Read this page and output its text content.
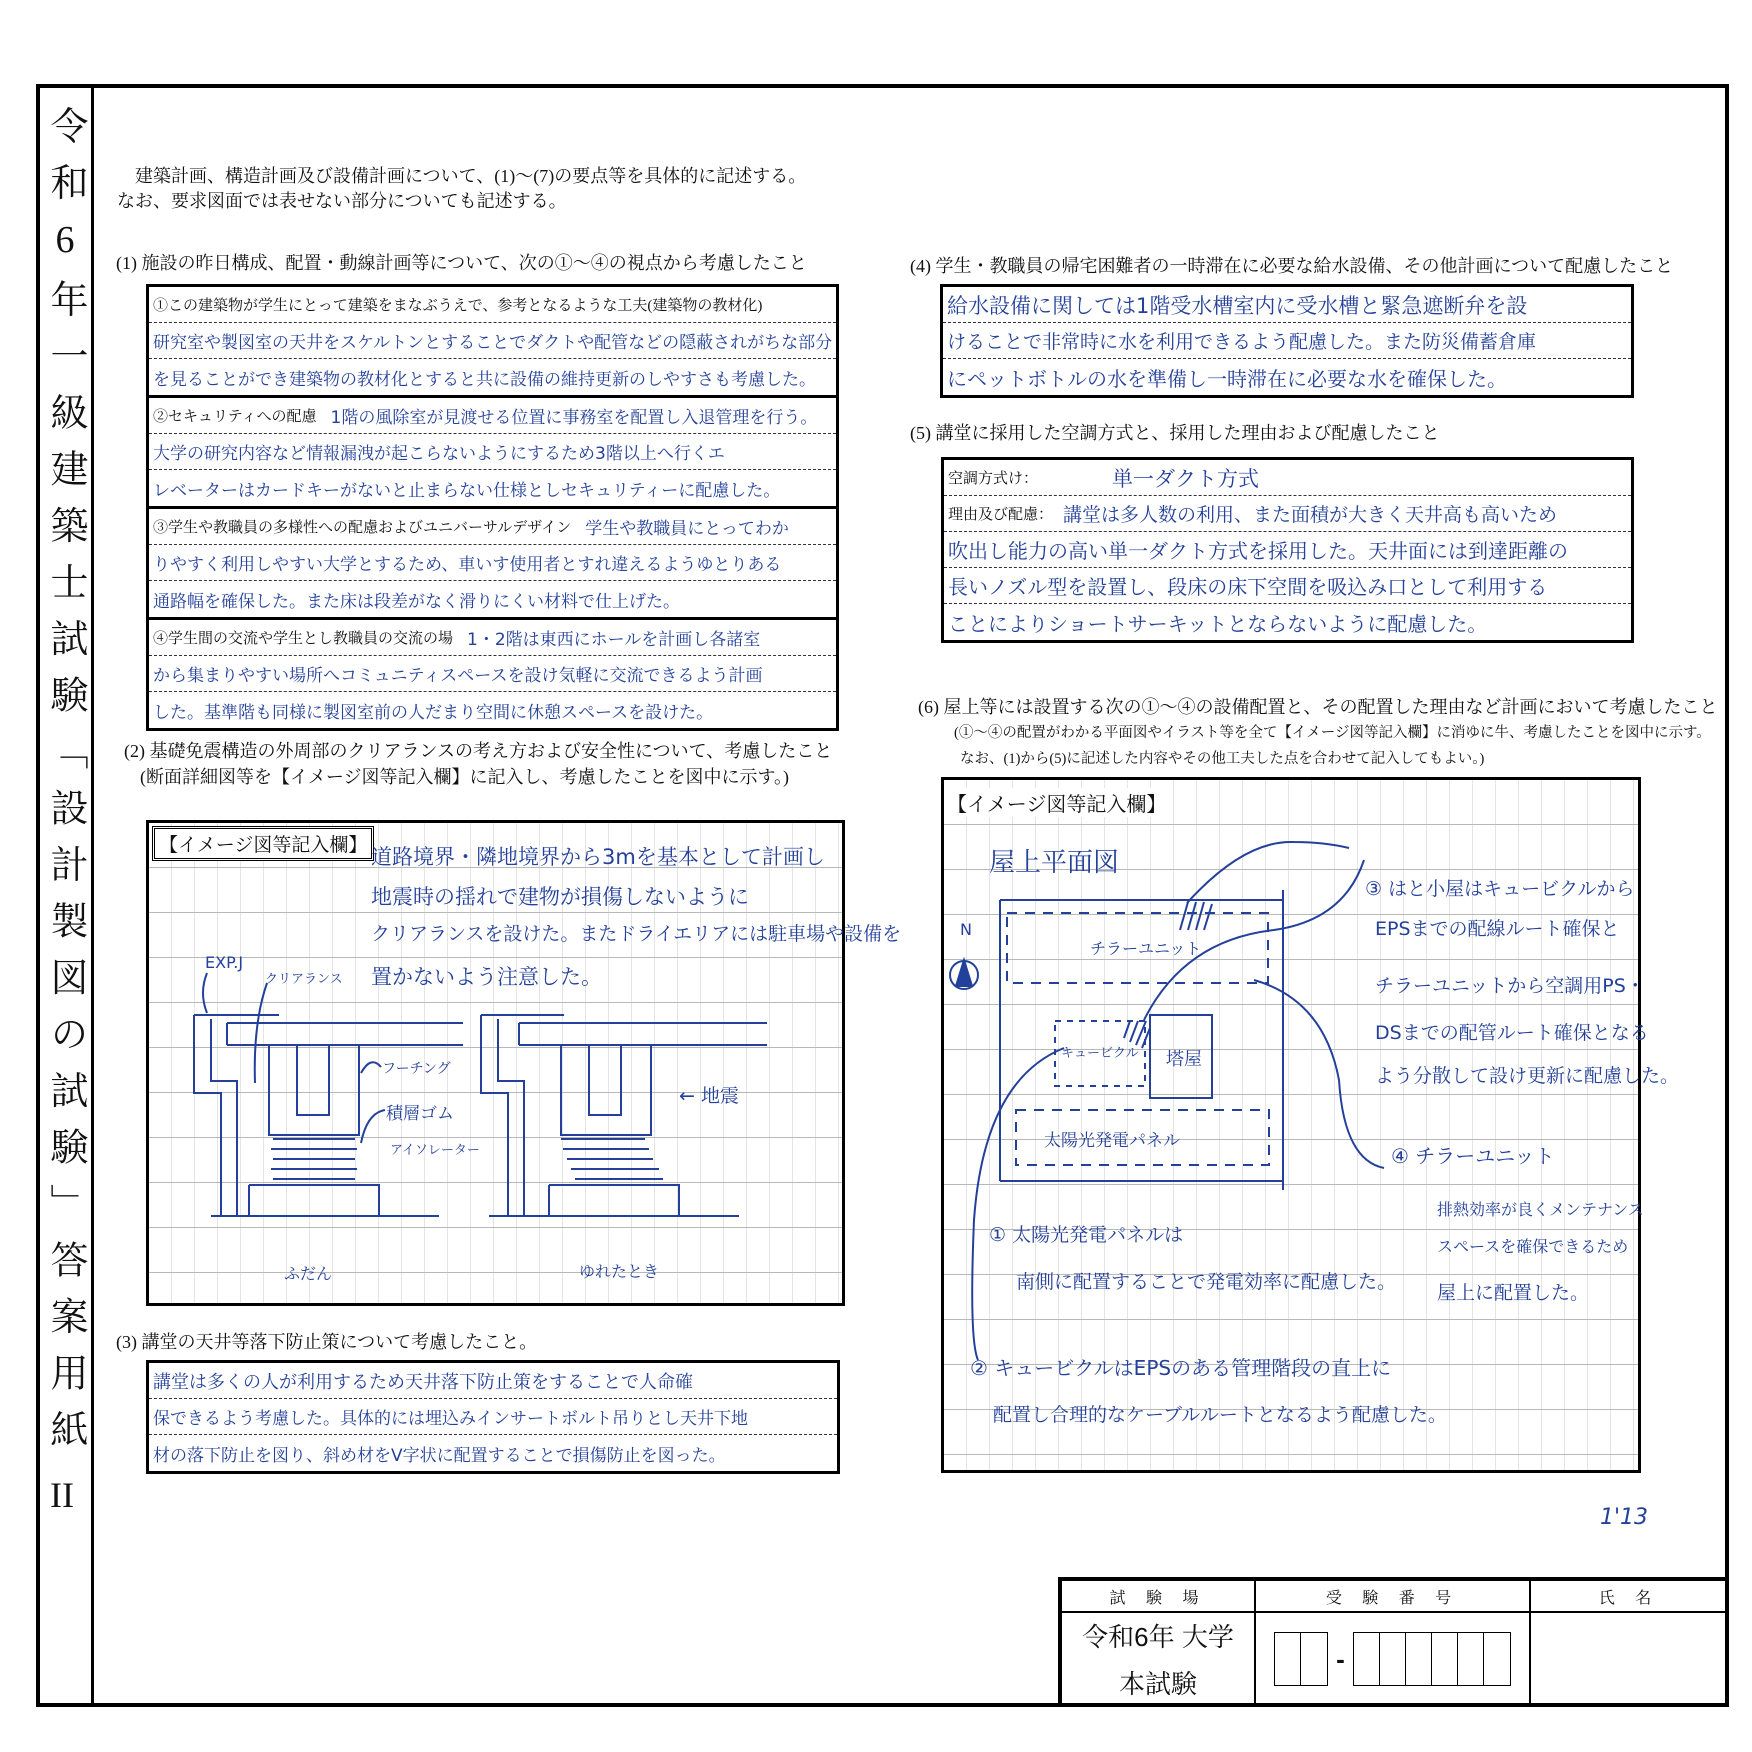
令和6年一級建築士試験「設計製図の試験」答案用紙
II
建築計画、構造計画及び設備計画について、(1)～(7)の要点等を具体的に記述する。
なお、要求図面では表せない部分についても記述する。
(1) 施設の昨日構成、配置・動線計画等について、次の①～④の視点から考慮したこと
①この建築物が学生にとって建築をまなぶうえで、参考となるような工夫(建築物の教材化)
研究室や製図室の天井をスケルトンとすることでダクトや配管などの隠蔽されがちな部分
を見ることができ建築物の教材化とすると共に設備の維持更新のしやすさも考慮した。
②セキュリティへの配慮 1階の風除室が見渡せる位置に事務室を配置し入退管理を行う。
大学の研究内容など情報漏洩が起こらないようにするため3階以上へ行くエ
レベーターはカードキーがないと止まらない仕様としセキュリティーに配慮した。
③学生や教職員の多様性への配慮およびユニバーサルデザイン 学生や教職員にとってわか
りやすく利用しやすい大学とするため、車いす使用者とすれ違えるようゆとりある
通路幅を確保した。また床は段差がなく滑りにくい材料で仕上げた。
④学生間の交流や学生とし教職員の交流の場 1・2階は東西にホールを計画し各諸室
から集まりやすい場所へコミュニティスペースを設け気軽に交流できるよう計画
した。基準階も同様に製図室前の人だまり空間に休憩スペースを設けた。
(2) 基礎免震構造の外周部のクリアランスの考え方および安全性について、考慮したこと
(断面詳細図等を【イメージ図等記入欄】に記入し、考慮したことを図中に示す。)
【イメージ図等記入欄】 道路境界・隣地境界から3mを基本として計画し
地震時の揺れで建物が損傷しないように
クリアランスを設けた。またドライエリアには駐車場や設備を
置かないよう注意した。
EXP.J
クリアランス
フーチング
積層ゴム
アイソレーター
← 地震
ふだん	ゆれたとき
(3) 講堂の天井等落下防止策について考慮したこと。
講堂は多くの人が利用するため天井落下防止策をすることで人命確
保できるよう考慮した。具体的には埋込みインサートボルト吊りとし天井下地
材の落下防止を図り、斜め材をV字状に配置することで損傷防止を図った。
(4) 学生・教職員の帰宅困難者の一時滞在に必要な給水設備、その他計画について配慮したこと
給水設備に関しては1階受水槽室内に受水槽と緊急遮断弁を設
けることで非常時に水を利用できるよう配慮した。また防災備蓄倉庫
にペットボトルの水を準備し一時滞在に必要な水を確保した。
(5) 講堂に採用した空調方式と、採用した理由および配慮したこと
空調方式け：	単一ダクト方式
理由及び配慮： 講堂は多人数の利用、また面積が大きく天井高も高いため
吹出し能力の高い単一ダクト方式を採用した。天井面には到達距離の
長いノズル型を設置し、段床の床下空間を吸込み口として利用する
ことによりショートサーキットとならないように配慮した。
(6) 屋上等には設置する次の①～④の設備配置と、その配置した理由など計画において考慮したこと
(①～④の配置がわかる平面図やイラスト等を全て【イメージ図等記入欄】に消ゆに牛、考慮したことを図中に示す。
なお、(1)から(5)に記述した内容やその他工夫した点を合わせて記入してもよい。)
【イメージ図等記入欄】
屋上平面図
N
チラーユニット
キュービクル 塔屋
太陽光発電パネル
③ はと小屋はキュービクルから
EPSまでの配線ルート確保と
チラーユニットから空調用PS・
DSまでの配管ルート確保となる
よう分散して設け更新に配慮した。
④ チラーユニット
排熱効率が良くメンテナンス
スペースを確保できるため
屋上に配置した。
① 太陽光発電パネルは
南側に配置することで発電効率に配慮した。
② キュービクルはEPSのある管理階段の直上に
配置し合理的なケーブルルートとなるよう配慮した。
1'13
試 験 場	受 験 番 号	氏 名
令和6年 大学
本試験
-
